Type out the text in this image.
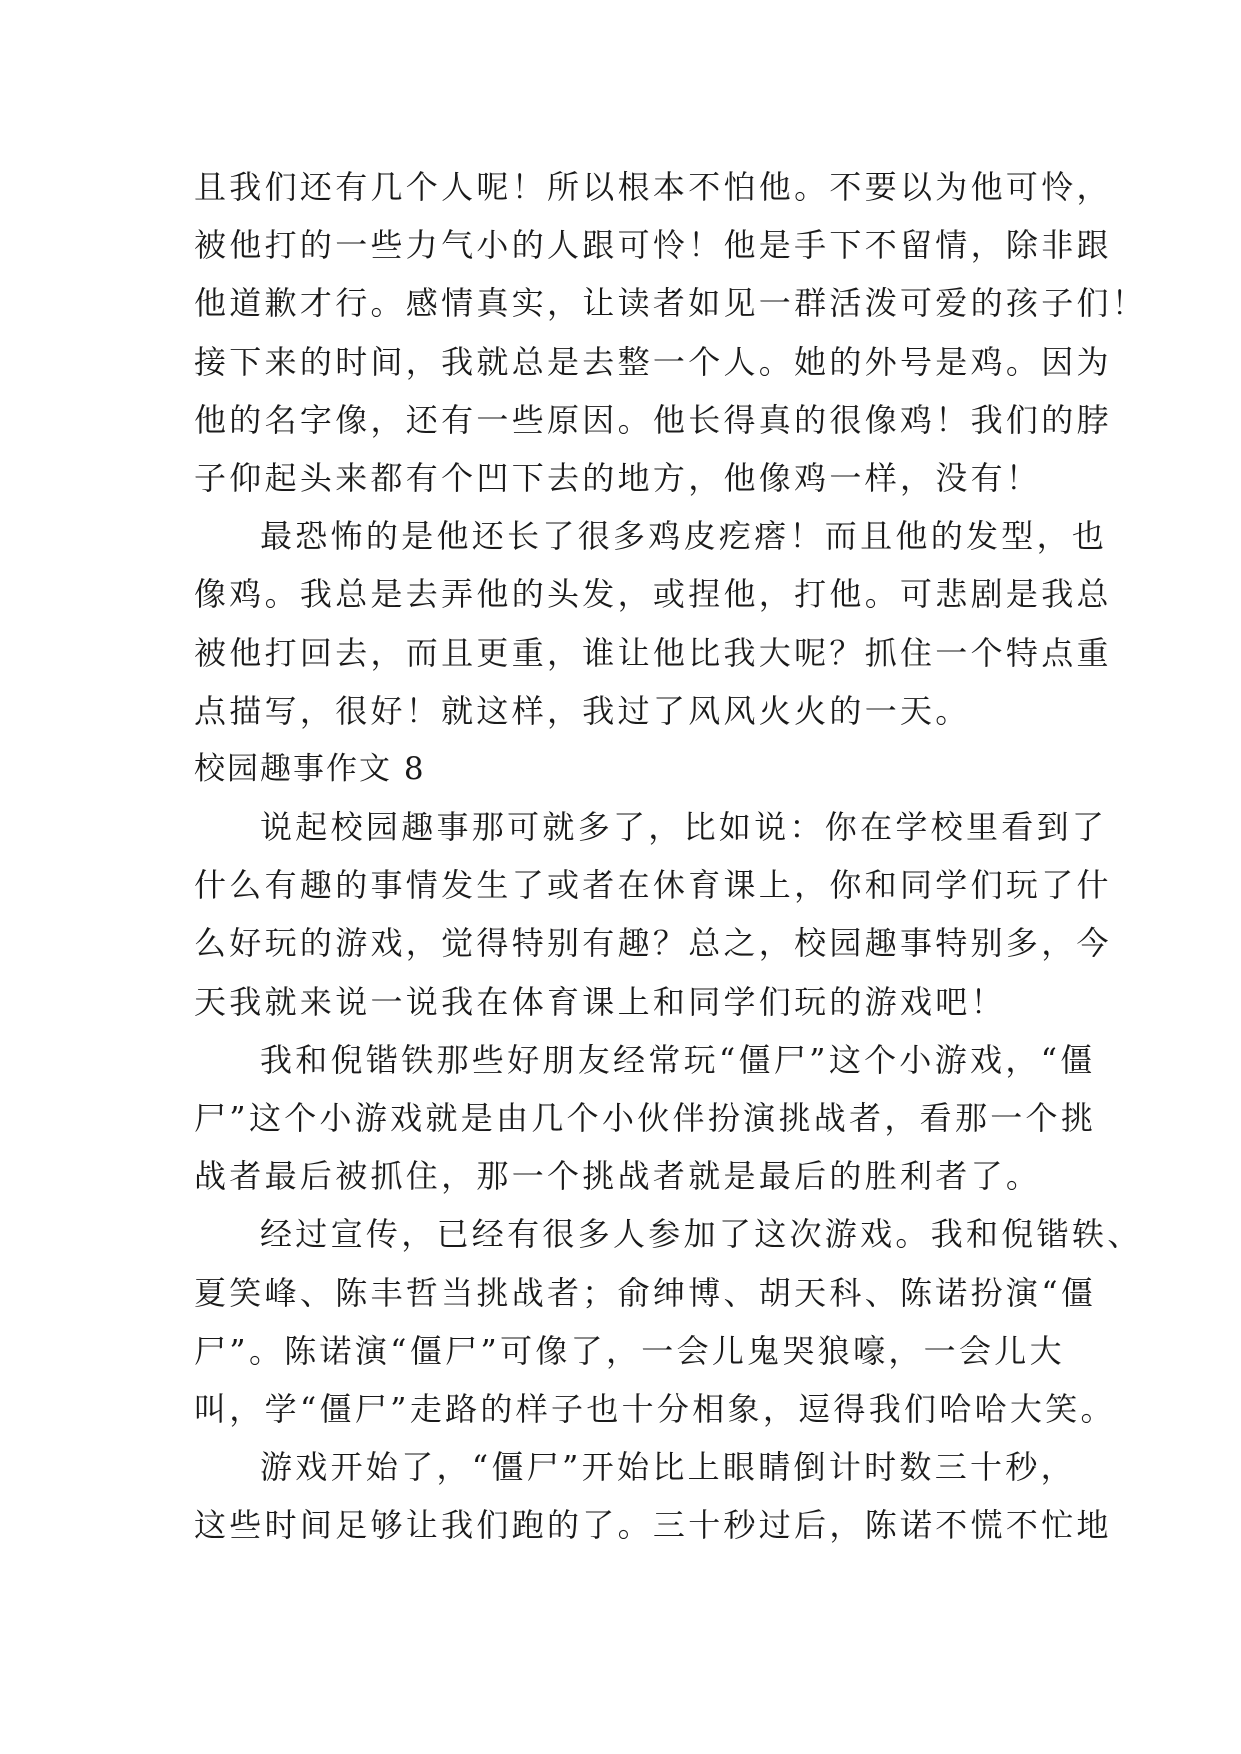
且我们还有几个人呢！所以根本不怕他。不要以为他可怜，
被他打的一些力气小的人跟可怜！他是手下不留情，除非跟
他道歉才行。感情真实，让读者如见一群活泼可爱的孩子们！
接下来的时间，我就总是去整一个人。她的外号是鸡。因为
他的名字像，还有一些原因。他长得真的很像鸡！我们的脖
子仰起头来都有个凹下去的地方，他像鸡一样，没有！
最恐怖的是他还长了很多鸡皮疙瘩！而且他的发型，也
像鸡。我总是去弄他的头发，或捏他，打他。可悲剧是我总
被他打回去，而且更重，谁让他比我大呢？抓住一个特点重
点描写，很好！就这样，我过了风风火火的一天。
校园趣事作文 8
说起校园趣事那可就多了，比如说：你在学校里看到了
什么有趣的事情发生了或者在休育课上，你和同学们玩了什
么好玩的游戏，觉得特别有趣？总之，校园趣事特别多，今
天我就来说一说我在体育课上和同学们玩的游戏吧！
我和倪锴铁那些好朋友经常玩“僵尸”这个小游戏，“僵
尸”这个小游戏就是由几个小伙伴扮演挑战者，看那一个挑
战者最后被抓住，那一个挑战者就是最后的胜利者了。
经过宣传，已经有很多人参加了这次游戏。我和倪锴轶、
夏笑峰、陈丰哲当挑战者；俞绅博、胡天科、陈诺扮演“僵
尸”。陈诺演“僵尸”可像了，一会儿鬼哭狼嚎，一会儿大
叫，学“僵尸”走路的样子也十分相象，逗得我们哈哈大笑。
游戏开始了，“僵尸”开始比上眼睛倒计时数三十秒，
这些时间足够让我们跑的了。三十秒过后，陈诺不慌不忙地
